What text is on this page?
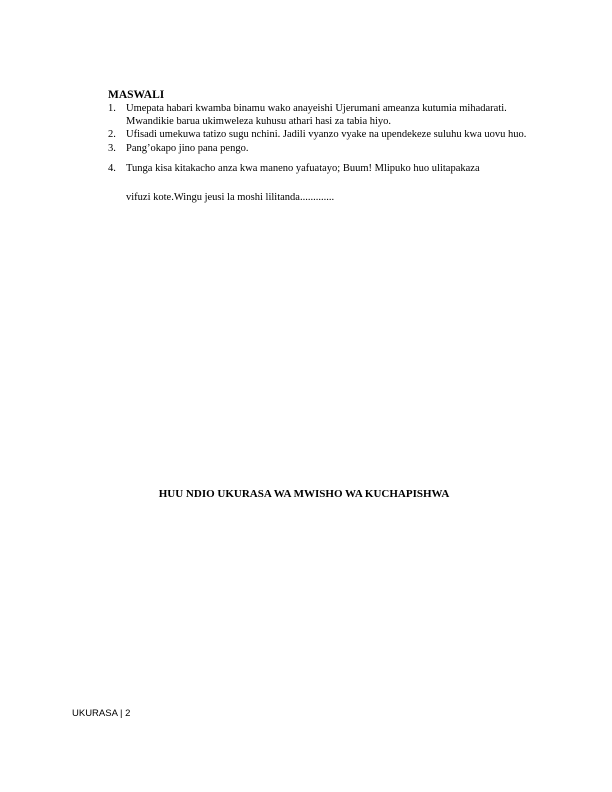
MASWALI

1. Umepata habari kwamba binamu wako anayeishi Ujerumani ameanza kutumia mihadarati. Mwandikie barua ukimweleza kuhusu athari hasi za tabia hiyo.
2. Ufisadi umekuwa tatizo sugu nchini. Jadili vyanzo vyake na upendekeze suluhu kwa uovu huo.
3. Pang’okapo jino pana pengo.
4. Tunga kisa kitakacho anza kwa maneno yafuatayo; Buum! Mlipuko huo ulitapakaza
vifuzi kote.Wingu jeusi la moshi lilitanda.............

HUU NDIO UKURASA WA MWISHO WA KUCHAPISHWA

UKURASA | 2
